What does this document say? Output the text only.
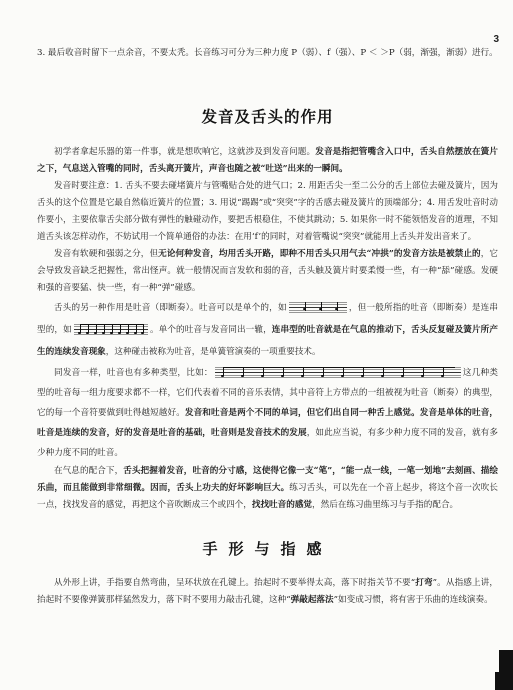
3

3. 最后收音时留下一点余音，不要太秃。长音练习可分为三种力度 P（弱）、f（强）、P ＜ ＞P（弱，渐强，渐弱）进行。

发音及舌头的作用

初学者拿起乐器的第一件事，就是想吹响它，这就涉及到发音问题。发音是指把管嘴含入口中，舌头自然摆放在簧片之下，气息送入管嘴的同时，舌头离开簧片，声音也随之被“吐送”出来的一瞬间。

发音时要注意：1. 舌头不要去碰堵簧片与管嘴贴合处的进气口；2. 用距舌尖一至二公分的舌上部位去碰及簧片，因为舌头的这个位置是它最自然临近簧片的位置；3. 用说“踢踢”或“突突”字的舌感去碰及簧片的顶端部分；4. 用舌发吐音时动作要小，主要依靠舌尖部分做有弹性的触碰动作，要把舌根稳住，不使其跳动；5. 如果你一时不能领悟发音的道理，不知道舌头该怎样动作，不妨试用一个简单通俗的办法：在用‘f’的同时，对着管嘴说“突突”就能用上舌头并发出音来了。

发音有软硬和强弱之分，但无论何种发音，均用舌头开路，即种不用舌头只用气去“冲拱”的发音方法是被禁止的，它会导致发音缺乏把握性，常出怪声。就一般情况而言发软和弱的音，舌头触及簧片时要柔慢一些，有一种“舔”碰感。发硬和强的音要猛、快一些，有一种“弹”碰感。

舌头的另一种作用是吐音（即断奏）。吐音可以是单个的，如	，但一般所指的吐音（即断奏）是连串型的，如	。单个的吐音与发音同出一辙，连串型的吐音就是在气息的推动下，舌头反复碰及簧片所产生的连续发音现象，这种碰击被称为吐音，是单簧管演奏的一项重要技术。

同发音一样，吐音也有多种类型，比如：	这几种类型的吐音每一组力度要求都不一样，它们代表着不同的音乐表情，其中音符上方带点的一组被视为吐音（断奏）的典型，它的每一个音符要做到吐得越短越好。发音和吐音是两个不同的单词，但它们出自同一种舌上感觉。发音是单体的吐音，吐音是连续的发音，好的发音是吐音的基础，吐音则是发音技术的发展，如此应当说，有多少种力度不同的发音，就有多少种力度不同的吐音。

在气息的配合下，舌头把握着发音，吐音的分寸感，这使得它像一支“笔”，“能一点一线，一笔一划地”去刻画、描绘乐曲，而且能做到非常细微。因而，舌头上功夫的好坏影响巨大。练习舌头，可以先在一个音上起步，将这个音一次吹长一点，找找发音的感觉，再把这个音吹断成三个或四个，找找吐音的感觉，然后在练习曲里练习与手指的配合。

手形与指感

从外形上讲，手指要自然弯曲，呈环状放在孔键上。抬起时不要举得太高，落下时指关节不要“打弯”。从指感上讲，抬起时不要像弹簧那样猛然发力，落下时不要用力敲击孔键，这种“弹敲起落法”如变成习惯，将有害于乐曲的连线演奏。
